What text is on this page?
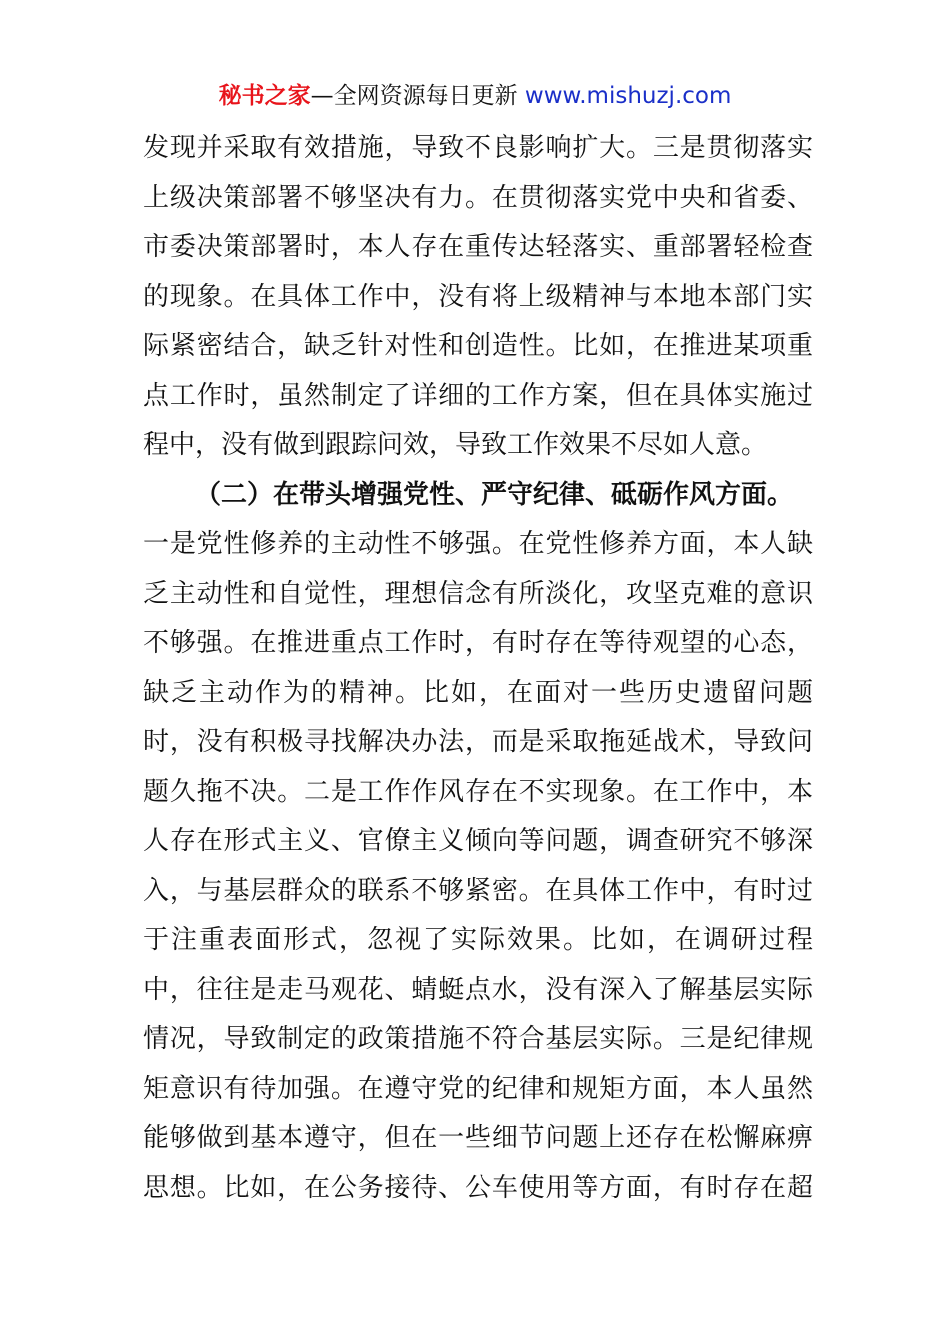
秘书之家—全网资源每日更新 www.mishuzj.com
发现并采取有效措施，导致不良影响扩大。三是贯彻落实
上级决策部署不够坚决有力。在贯彻落实党中央和省委、
市委决策部署时，本人存在重传达轻落实、重部署轻检查
的现象。在具体工作中，没有将上级精神与本地本部门实
际紧密结合，缺乏针对性和创造性。比如，在推进某项重
点工作时，虽然制定了详细的工作方案，但在具体实施过
程中，没有做到跟踪问效，导致工作效果不尽如人意。
（二）在带头增强党性、严守纪律、砥砺作风方面。
一是党性修养的主动性不够强。在党性修养方面，本人缺
乏主动性和自觉性，理想信念有所淡化，攻坚克难的意识
不够强。在推进重点工作时，有时存在等待观望的心态，
缺乏主动作为的精神。比如，在面对一些历史遗留问题
时，没有积极寻找解决办法，而是采取拖延战术，导致问
题久拖不决。二是工作作风存在不实现象。在工作中，本
人存在形式主义、官僚主义倾向等问题，调查研究不够深
入，与基层群众的联系不够紧密。在具体工作中，有时过
于注重表面形式，忽视了实际效果。比如，在调研过程
中，往往是走马观花、蜻蜓点水，没有深入了解基层实际
情况，导致制定的政策措施不符合基层实际。三是纪律规
矩意识有待加强。在遵守党的纪律和规矩方面，本人虽然
能够做到基本遵守，但在一些细节问题上还存在松懈麻痹
思想。比如，在公务接待、公车使用等方面，有时存在超
